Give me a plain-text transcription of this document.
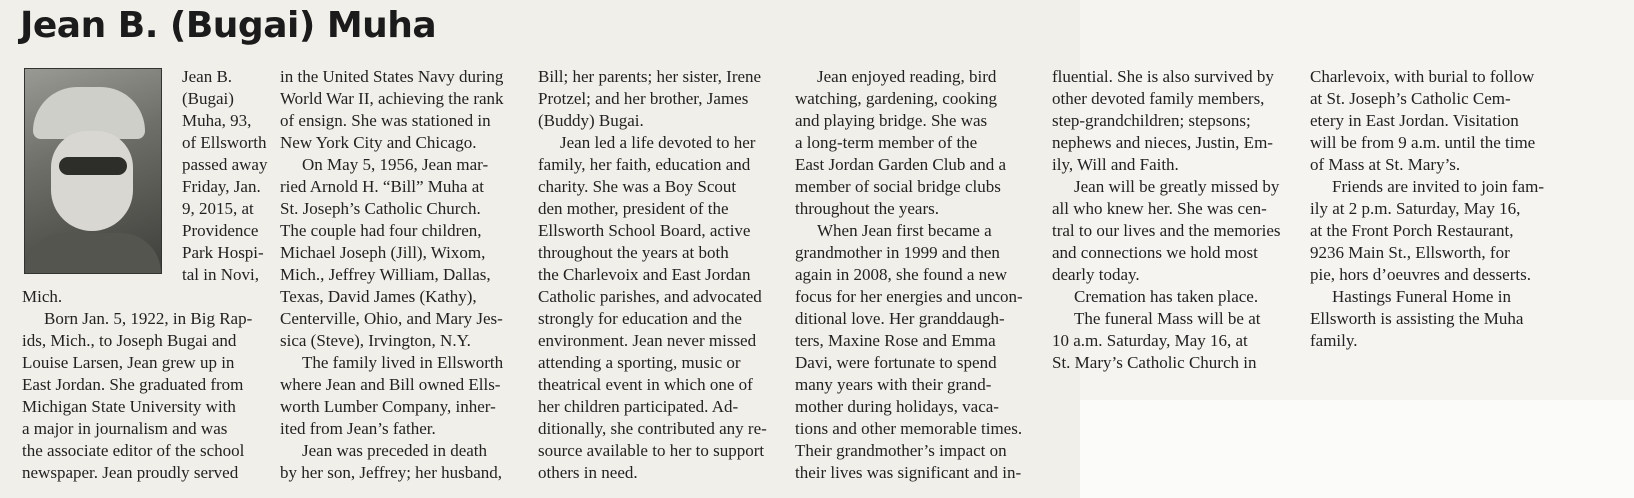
Jean B. (Bugai) Muha

Jean B.

(Bugai)

Muha, 93,

of Ellsworth

passed away

Friday, Jan.

9, 2015, at

Providence

Park Hospi-

tal in Novi,

Mich.

Born Jan. 5, 1922, in Big Rap-

ids, Mich., to Joseph Bugai and

Louise Larsen, Jean grew up in

East Jordan. She graduated from

Michigan State University with

a major in journalism and was

the associate editor of the school

newspaper. Jean proudly served

in the United States Navy during

World War II, achieving the rank

of ensign. She was stationed in

New York City and Chicago.

On May 5, 1956, Jean mar-

ried Arnold H. “Bill” Muha at

St. Joseph’s Catholic Church.

The couple had four children,

Michael Joseph (Jill), Wixom,

Mich., Jeffrey William, Dallas,

Texas, David James (Kathy),

Centerville, Ohio, and Mary Jes-

sica (Steve), Irvington, N.Y.

The family lived in Ellsworth

where Jean and Bill owned Ells-

worth Lumber Company, inher-

ited from Jean’s father.

Jean was preceded in death

by her son, Jeffrey; her husband,

Bill; her parents; her sister, Irene

Protzel; and her brother, James

(Buddy) Bugai.

Jean led a life devoted to her

family, her faith, education and

charity. She was a Boy Scout

den mother, president of the

Ellsworth School Board, active

throughout the years at both

the Charlevoix and East Jordan

Catholic parishes, and advocated

strongly for education and the

environment. Jean never missed

attending a sporting, music or

theatrical event in which one of

her children participated. Ad-

ditionally, she contributed any re-

source available to her to support

others in need.

Jean enjoyed reading, bird

watching, gardening, cooking

and playing bridge. She was

a long-term member of the

East Jordan Garden Club and a

member of social bridge clubs

throughout the years.

When Jean first became a

grandmother in 1999 and then

again in 2008, she found a new

focus for her energies and uncon-

ditional love. Her granddaugh-

ters, Maxine Rose and Emma

Davi, were fortunate to spend

many years with their grand-

mother during holidays, vaca-

tions and other memorable times.

Their grandmother’s impact on

their lives was significant and in-

fluential. She is also survived by

other devoted family members,

step-grandchildren; stepsons;

nephews and nieces, Justin, Em-

ily, Will and Faith.

Jean will be greatly missed by

all who knew her. She was cen-

tral to our lives and the memories

and connections we hold most

dearly today.

Cremation has taken place.

The funeral Mass will be at

10 a.m. Saturday, May 16, at

St. Mary’s Catholic Church in

Charlevoix, with burial to follow

at St. Joseph’s Catholic Cem-

etery in East Jordan. Visitation

will be from 9 a.m. until the time

of Mass at St. Mary’s.

Friends are invited to join fam-

ily at 2 p.m. Saturday, May 16,

at the Front Porch Restaurant,

9236 Main St., Ellsworth, for

pie, hors d’oeuvres and desserts.

Hastings Funeral Home in

Ellsworth is assisting the Muha

family.
